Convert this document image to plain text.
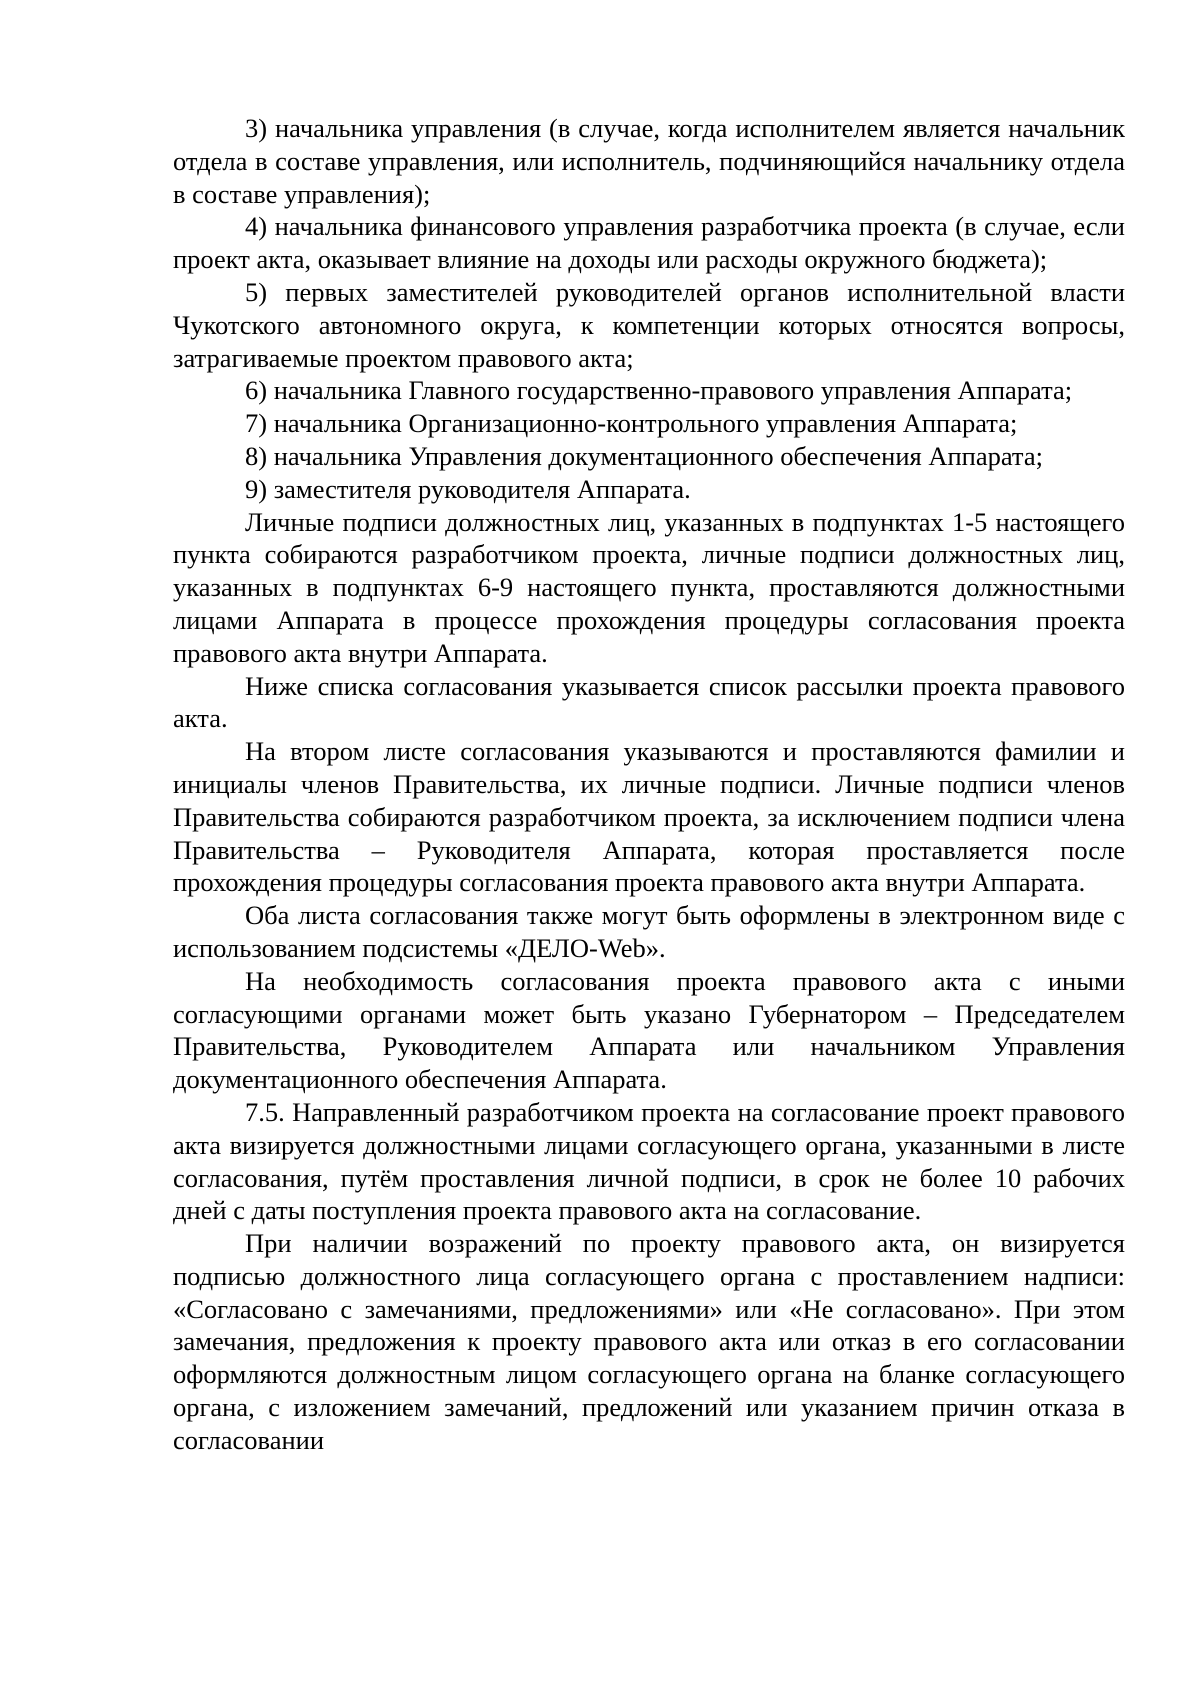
3) начальника управления (в случае, когда исполнителем является начальник отдела в составе управления, или исполнитель, подчиняющийся начальнику отдела в составе управления);

4) начальника финансового управления разработчика проекта (в случае, если проект акта, оказывает влияние на доходы или расходы окружного бюджета);

5) первых заместителей руководителей органов исполнительной власти Чукотского автономного округа, к компетенции которых относятся вопросы, затрагиваемые проектом правового акта;

6) начальника Главного государственно-правового управления Аппарата;

7) начальника Организационно-контрольного управления Аппарата;

8) начальника Управления документационного обеспечения Аппарата;

9) заместителя руководителя Аппарата.

Личные подписи должностных лиц, указанных в подпунктах 1-5 настоящего пункта собираются разработчиком проекта, личные подписи должностных лиц, указанных в подпунктах 6-9 настоящего пункта, проставляются должностными лицами Аппарата в процессе прохождения процедуры согласования проекта правового акта внутри Аппарата.

Ниже списка согласования указывается список рассылки проекта правового акта.

На втором листе согласования указываются и проставляются фамилии и инициалы членов Правительства, их личные подписи. Личные подписи членов Правительства собираются разработчиком проекта, за исключением подписи члена Правительства – Руководителя Аппарата, которая проставляется после прохождения процедуры согласования проекта правового акта внутри Аппарата.

Оба листа согласования также могут быть оформлены в электронном виде с использованием подсистемы «ДЕЛО-Web».

На необходимость согласования проекта правового акта с иными согласующими органами может быть указано Губернатором – Председателем Правительства, Руководителем Аппарата или начальником Управления документационного обеспечения Аппарата.

7.5. Направленный разработчиком проекта на согласование проект правового акта визируется должностными лицами согласующего органа, указанными в листе согласования, путём проставления личной подписи, в срок не более 10 рабочих дней с даты поступления проекта правового акта на согласование.

При наличии возражений по проекту правового акта, он визируется подписью должностного лица согласующего органа с проставлением надписи: «Согласовано с замечаниями, предложениями» или «Не согласовано». При этом замечания, предложения к проекту правового акта или отказ в его согласовании оформляются должностным лицом согласующего органа на бланке согласующего органа, с изложением замечаний, предложений или указанием причин отказа в согласовании
